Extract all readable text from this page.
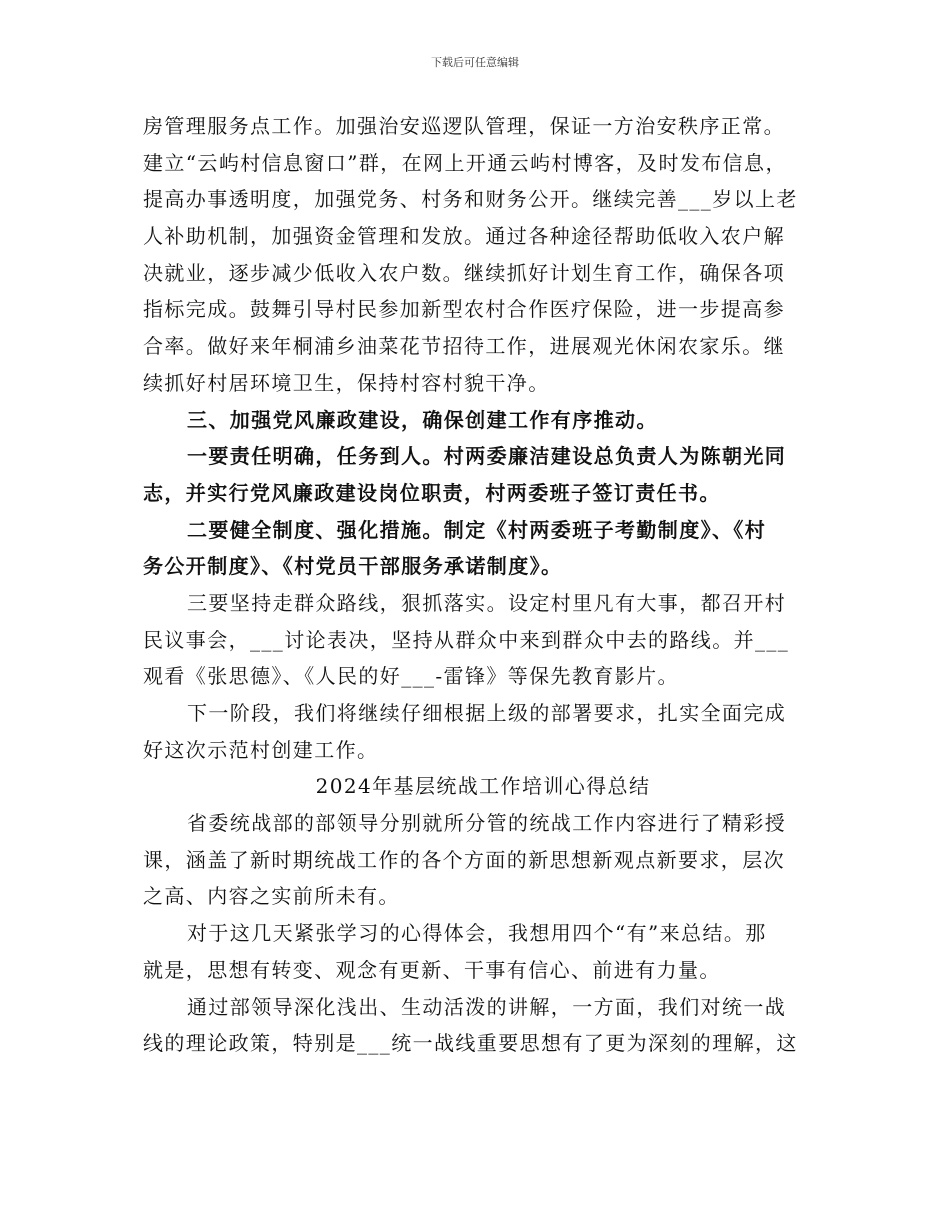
下载后可任意编辑
房管理服务点工作。加强治安巡逻队管理，保证一方治安秩序正常。
建立“云屿村信息窗口”群，在网上开通云屿村博客，及时发布信息，
提高办事透明度，加强党务、村务和财务公开。继续完善___岁以上老
人补助机制，加强资金管理和发放。通过各种途径帮助低收入农户解
决就业，逐步减少低收入农户数。继续抓好计划生育工作，确保各项
指标完成。鼓舞引导村民参加新型农村合作医疗保险，进一步提高参
合率。做好来年桐浦乡油菜花节招待工作，进展观光休闲农家乐。继
续抓好村居环境卫生，保持村容村貌干净。
三、加强党风廉政建设，确保创建工作有序推动。
一要责任明确，任务到人。村两委廉洁建设总负责人为陈朝光同
志，并实行党风廉政建设岗位职责，村两委班子签订责任书。
二要健全制度、强化措施。制定《村两委班子考勤制度》、《村
务公开制度》、《村党员干部服务承诺制度》。
三要坚持走群众路线，狠抓落实。设定村里凡有大事，都召开村
民议事会，___讨论表决，坚持从群众中来到群众中去的路线。并___
观看《张思德》、《人民的好___-雷锋》等保先教育影片。
下一阶段，我们将继续仔细根据上级的部署要求，扎实全面完成
好这次示范村创建工作。
2024年基层统战工作培训心得总结
省委统战部的部领导分别就所分管的统战工作内容进行了精彩授
课，涵盖了新时期统战工作的各个方面的新思想新观点新要求，层次
之高、内容之实前所未有。
对于这几天紧张学习的心得体会，我想用四个“有”来总结。那
就是，思想有转变、观念有更新、干事有信心、前进有力量。
通过部领导深化浅出、生动活泼的讲解，一方面，我们对统一战
线的理论政策，特别是___统一战线重要思想有了更为深刻的理解，这
